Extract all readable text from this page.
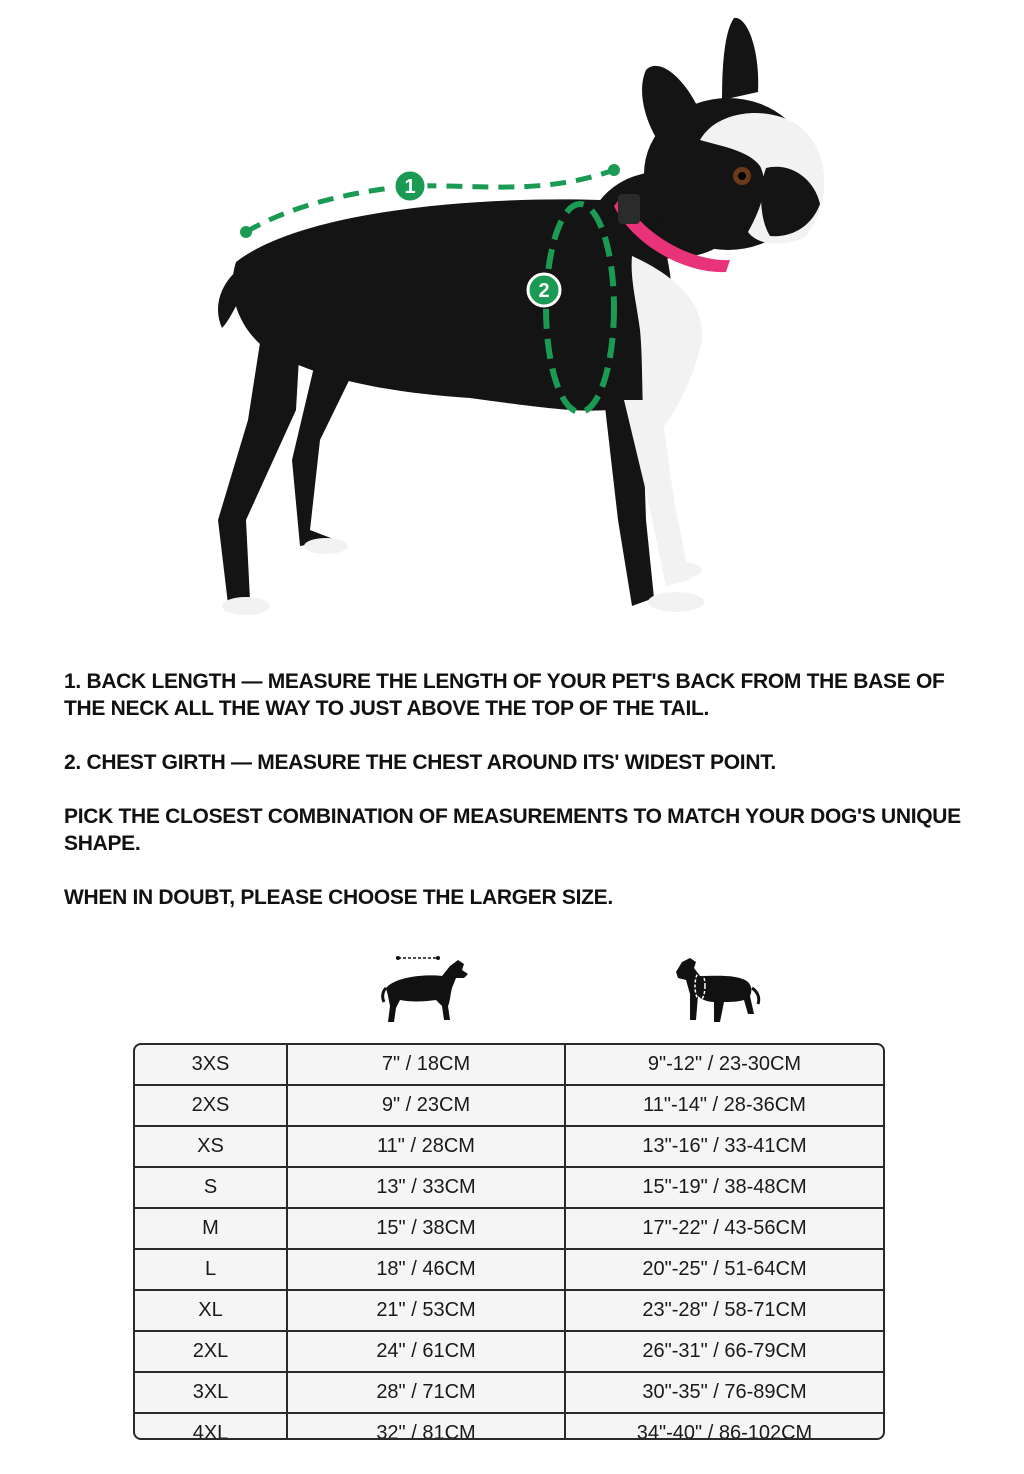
1
2

1. BACK LENGTH — MEASURE THE LENGTH OF YOUR PET'S BACK FROM THE BASE OF THE NECK ALL THE WAY TO JUST ABOVE THE TOP OF THE TAIL.

2. CHEST GIRTH — MEASURE THE CHEST AROUND ITS' WIDEST POINT.

PICK THE CLOSEST COMBINATION OF MEASUREMENTS TO MATCH YOUR DOG'S UNIQUE SHAPE.

WHEN IN DOUBT, PLEASE CHOOSE THE LARGER SIZE.

3XS	7" / 18CM	9"-12" / 23-30CM
2XS	9" / 23CM	11"-14" / 28-36CM
XS	11" / 28CM	13"-16" / 33-41CM
S	13" / 33CM	15"-19" / 38-48CM
M	15" / 38CM	17"-22" / 43-56CM
L	18" / 46CM	20"-25" / 51-64CM
XL	21" / 53CM	23"-28" / 58-71CM
2XL	24" / 61CM	26"-31" / 66-79CM
3XL	28" / 71CM	30"-35" / 76-89CM
4XL	32" / 81CM	34"-40" / 86-102CM
